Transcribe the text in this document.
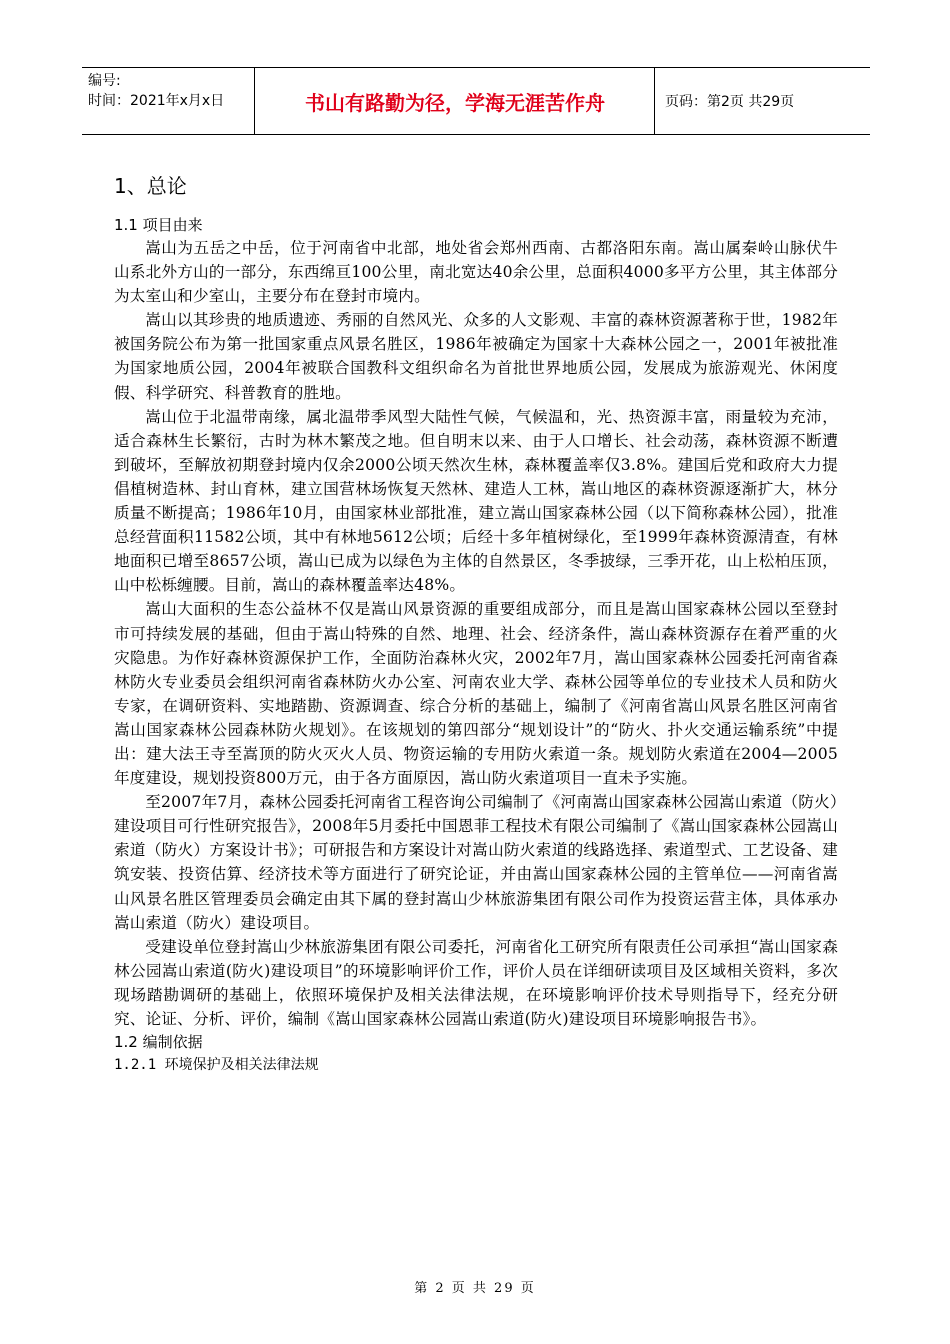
编号:
时间：2021年x月x日	书山有路勤为径，学海无涯苦作舟	页码：第2页 共29页
1、总论
1.1 项目由来

嵩山为五岳之中岳，位于河南省中北部，地处省会郑州西南、古都洛阳东南。嵩山属秦岭山脉伏牛山系北外方山的一部分，东西绵亘100公里，南北宽达40余公里，总面积4000多平方公里，其主体部分为太室山和少室山，主要分布在登封市境内。

嵩山以其珍贵的地质遗迹、秀丽的自然风光、众多的人文影观、丰富的森林资源著称于世，1982年被国务院公布为第一批国家重点风景名胜区，1986年被确定为国家十大森林公园之一，2001年被批准为国家地质公园，2004年被联合国教科文组织命名为首批世界地质公园，发展成为旅游观光、休闲度假、科学研究、科普教育的胜地。

嵩山位于北温带南缘，属北温带季风型大陆性气候，气候温和，光、热资源丰富，雨量较为充沛，适合森林生长繁衍，古时为林木繁茂之地。但自明末以来、由于人口增长、社会动荡，森林资源不断遭到破坏，至解放初期登封境内仅余2000公顷天然次生林，森林覆盖率仅3.8%。建国后党和政府大力提倡植树造林、封山育林，建立国营林场恢复天然林、建造人工林，嵩山地区的森林资源逐渐扩大，林分质量不断提高；1986年10月，由国家林业部批准，建立嵩山国家森林公园（以下简称森林公园），批准总经营面积11582公顷，其中有林地5612公顷；后经十多年植树绿化，至1999年森林资源清查，有林地面积已增至8657公顷，嵩山已成为以绿色为主体的自然景区，冬季披绿，三季开花，山上松柏压顶，山中松栎缠腰。目前，嵩山的森林覆盖率达48%。

嵩山大面积的生态公益林不仅是嵩山风景资源的重要组成部分，而且是嵩山国家森林公园以至登封市可持续发展的基础，但由于嵩山特殊的自然、地理、社会、经济条件，嵩山森林资源存在着严重的火灾隐患。为作好森林资源保护工作，全面防治森林火灾，2002年7月，嵩山国家森林公园委托河南省森林防火专业委员会组织河南省森林防火办公室、河南农业大学、森林公园等单位的专业技术人员和防火专家，在调研资料、实地踏勘、资源调查、综合分析的基础上，编制了《河南省嵩山风景名胜区河南省嵩山国家森林公园森林防火规划》。在该规划的第四部分“规划设计”的“防火、扑火交通运输系统”中提出：建大法王寺至嵩顶的防火灭火人员、物资运输的专用防火索道一条。规划防火索道在2004—2005年度建设，规划投资800万元，由于各方面原因，嵩山防火索道项目一直未予实施。

至2007年7月，森林公园委托河南省工程咨询公司编制了《河南嵩山国家森林公园嵩山索道（防火）建设项目可行性研究报告》，2008年5月委托中国恩菲工程技术有限公司编制了《嵩山国家森林公园嵩山索道（防火）方案设计书》；可研报告和方案设计对嵩山防火索道的线路选择、索道型式、工艺设备、建筑安装、投资估算、经济技术等方面进行了研究论证，并由嵩山国家森林公园的主管单位——河南省嵩山风景名胜区管理委员会确定由其下属的登封嵩山少林旅游集团有限公司作为投资运营主体，具体承办嵩山索道（防火）建设项目。

受建设单位登封嵩山少林旅游集团有限公司委托，河南省化工研究所有限责任公司承担“嵩山国家森林公园嵩山索道(防火)建设项目”的环境影响评价工作，评价人员在详细研读项目及区域相关资料，多次现场踏勘调研的基础上，依照环境保护及相关法律法规，在环境影响评价技术导则指导下，经充分研究、论证、分析、评价，编制《嵩山国家森林公园嵩山索道(防火)建设项目环境影响报告书》。

1.2 编制依据
1.2.1 环境保护及相关法律法规
第 2 页 共 29 页
